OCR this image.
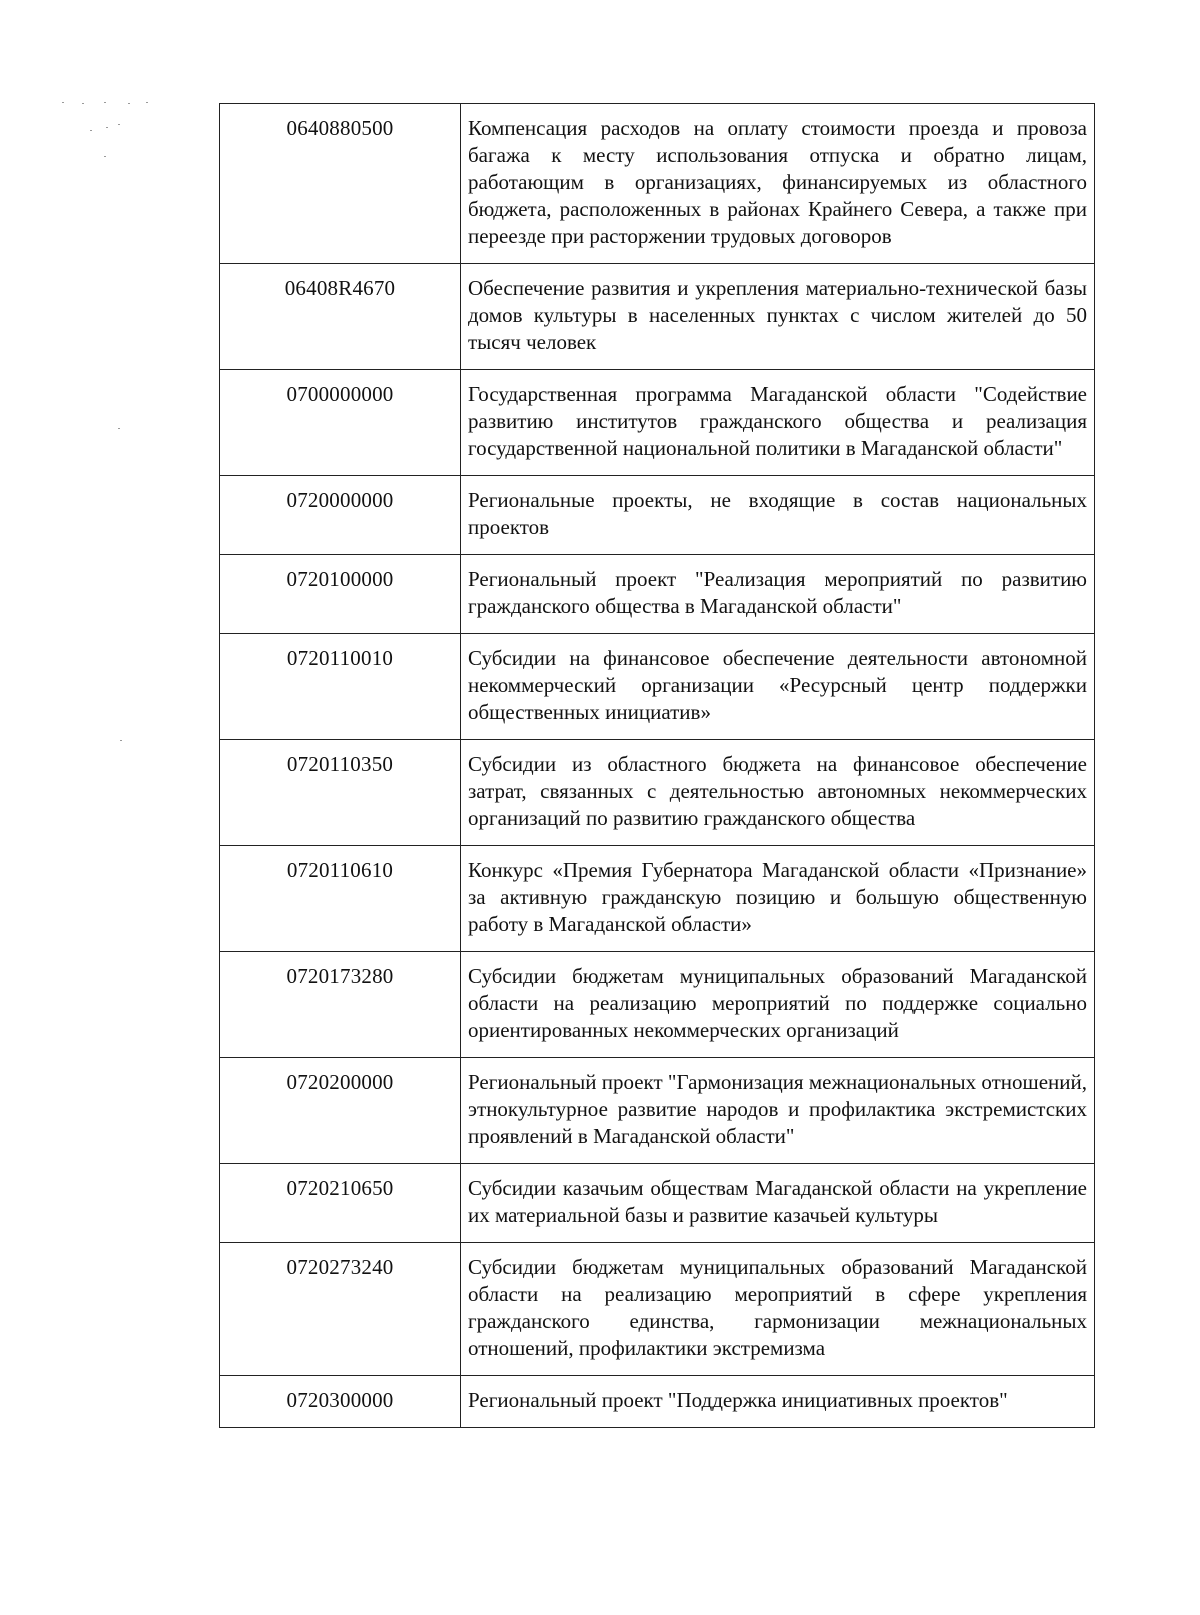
0640880500	Компенсация расходов на оплату стоимости проезда и провоза багажа к месту использования отпуска и обратно лицам, работающим в организациях, финансируемых из областного бюджета, расположенных в районах Крайнего Севера, а также при переезде при расторжении трудовых договоров
06408R4670	Обеспечение развития и укрепления материально-технической базы домов культуры в населенных пунктах с числом жителей до 50 тысяч человек
0700000000	Государственная программа Магаданской области "Содействие развитию институтов гражданского общества и реализация государственной национальной политики в Магаданской области"
0720000000	Региональные проекты, не входящие в состав национальных проектов
0720100000	Региональный проект "Реализация мероприятий по развитию гражданского общества в Магаданской области"
0720110010	Субсидии на финансовое обеспечение деятельности автономной некоммерческий организации «Ресурсный центр поддержки общественных инициатив»
0720110350	Субсидии из областного бюджета на финансовое обеспечение затрат, связанных с деятельностью автономных некоммерческих организаций по развитию гражданского общества
0720110610	Конкурс «Премия Губернатора Магаданской области «Признание» за активную гражданскую позицию и большую общественную работу в Магаданской области»
0720173280	Субсидии бюджетам муниципальных образований Магаданской области на реализацию мероприятий по поддержке социально ориентированных некоммерческих организаций
0720200000	Региональный проект "Гармонизация межнациональных отношений, этнокультурное развитие народов и профилактика экстремистских проявлений в Магаданской области"
0720210650	Субсидии казачьим обществам Магаданской области на укрепление их материальной базы и развитие казачьей культуры
0720273240	Субсидии бюджетам муниципальных образований Магаданской области на реализацию мероприятий в сфере укрепления гражданского единства, гармонизации межнациональных отношений, профилактики экстремизма
0720300000	Региональный проект "Поддержка инициативных проектов"
